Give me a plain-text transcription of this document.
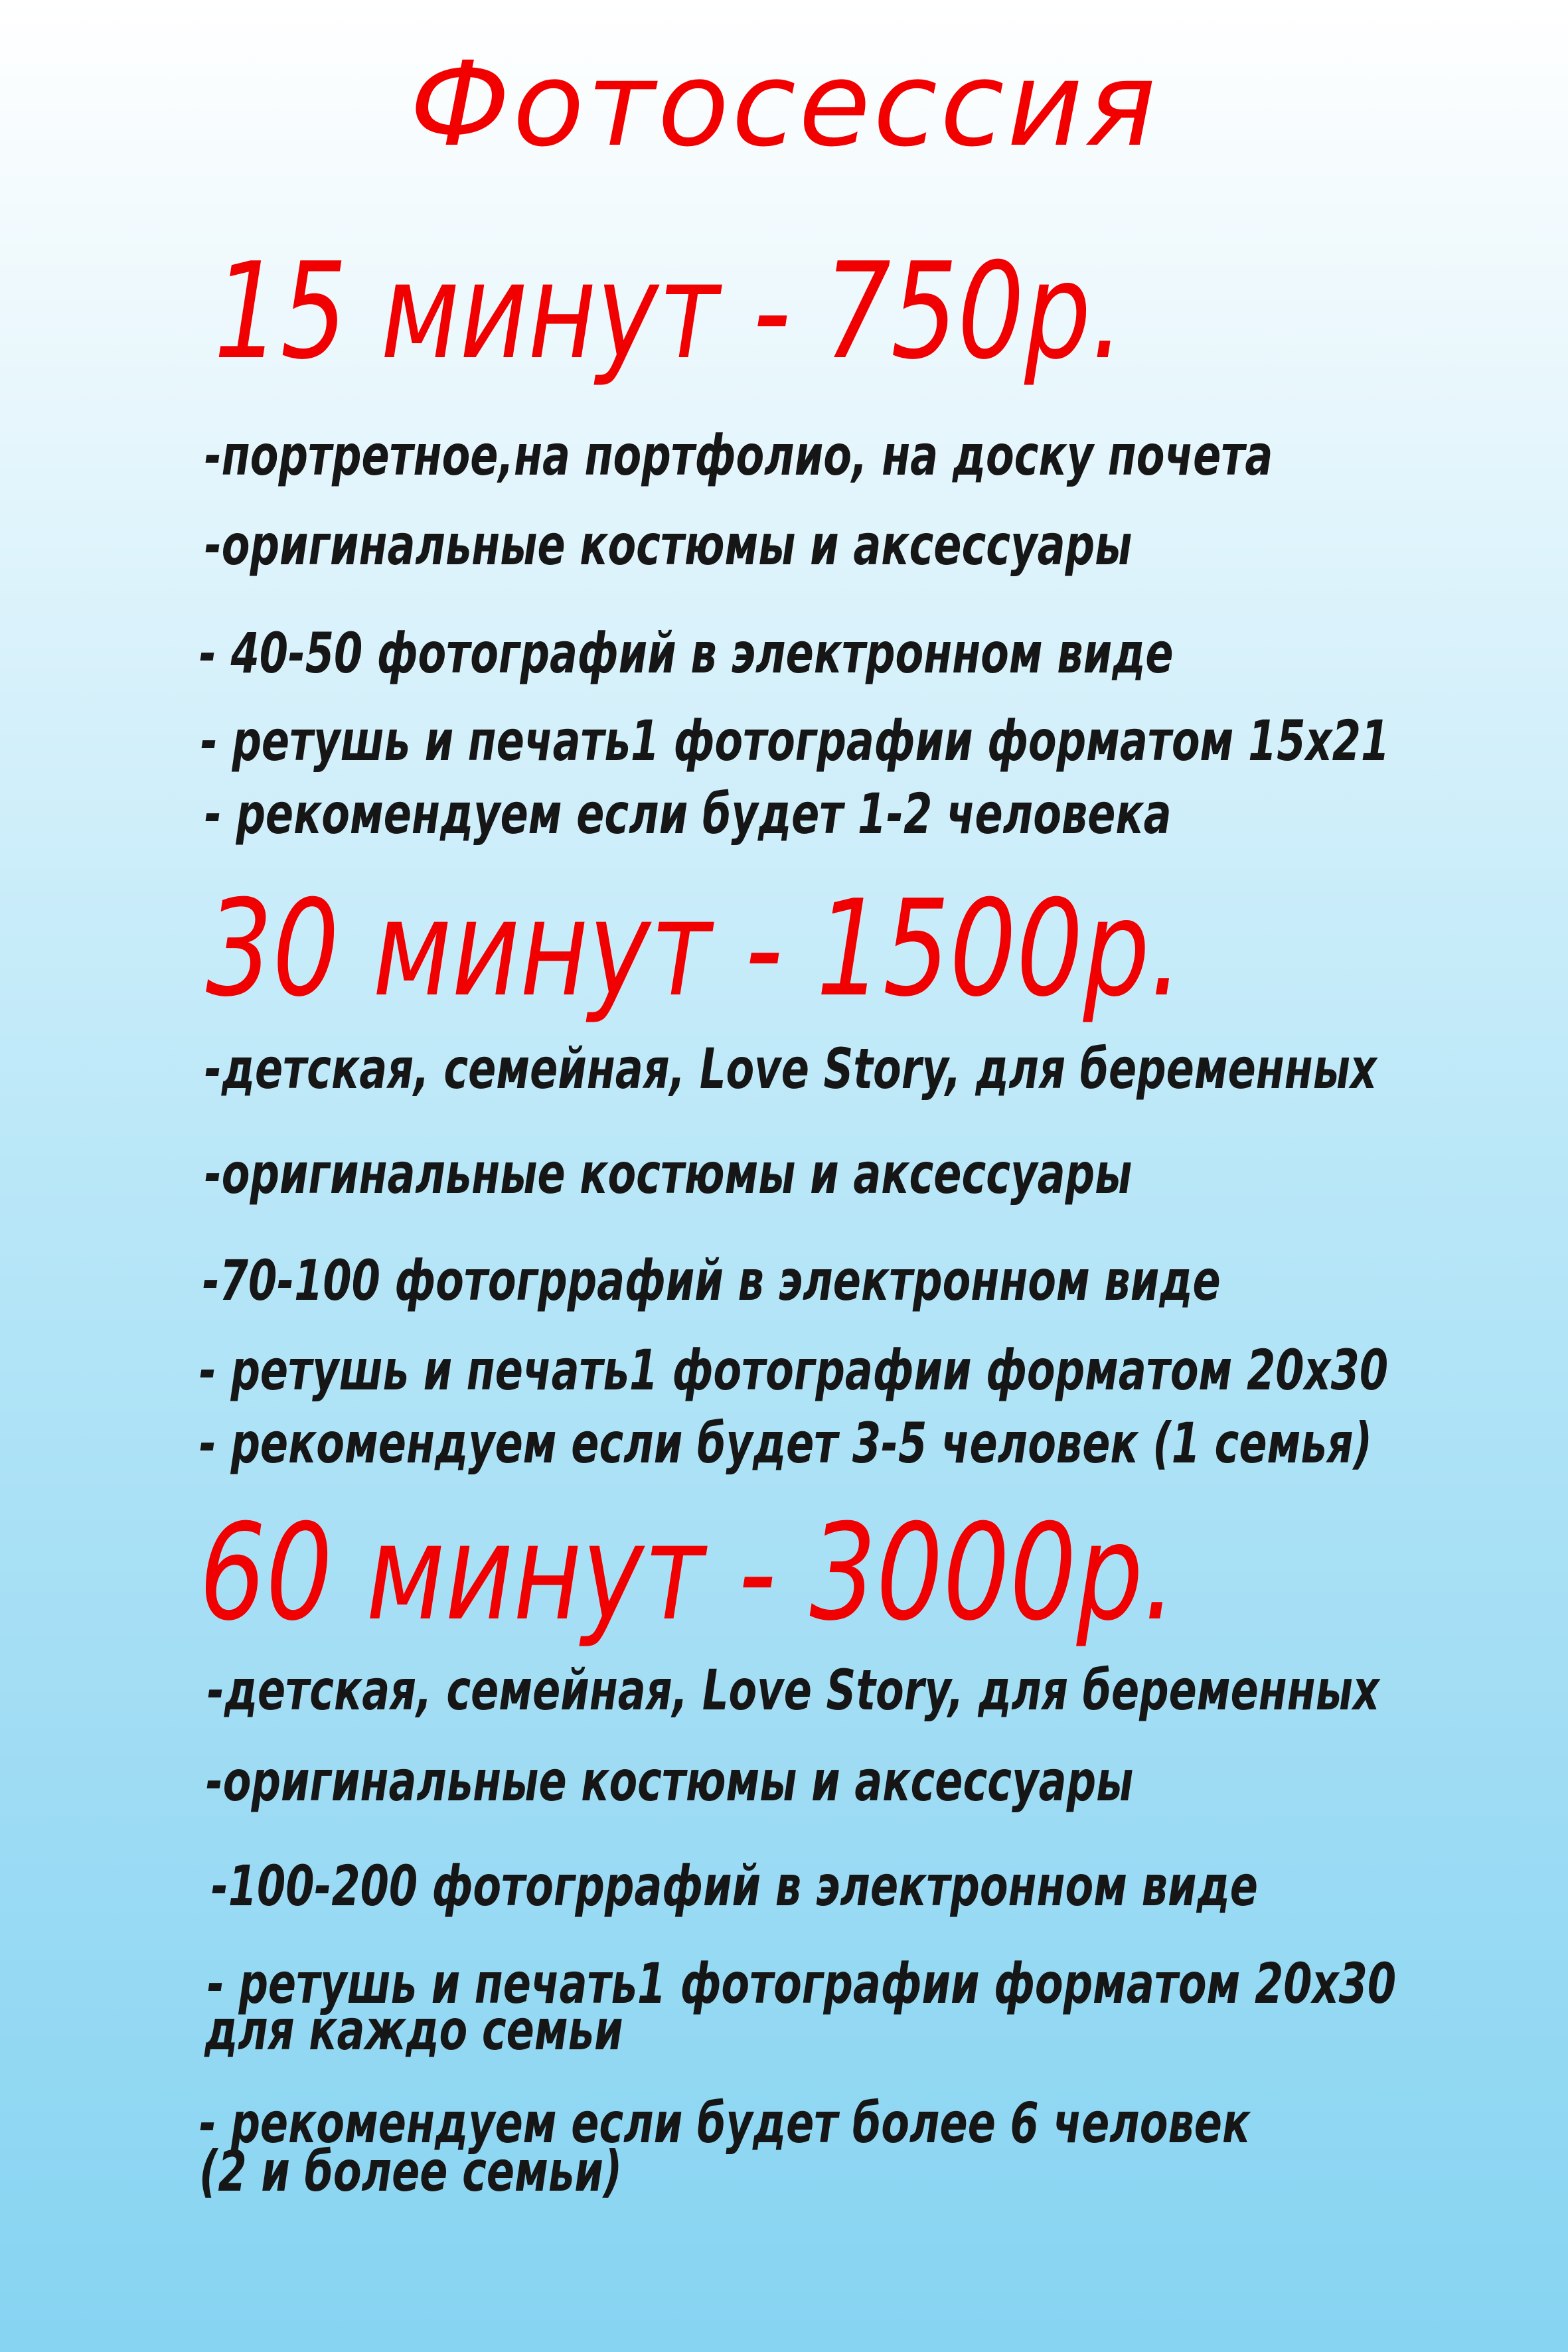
Фотосессия
15 минут - 750р.
-портретное,на портфолио, на доску почета
-оригинальные костюмы и аксессуары
- 40-50 фотографий в электронном виде
- ретушь и печать1 фотографии форматом 15х21
- рекомендуем если будет 1-2 человека
30 минут - 1500р.
-детская, семейная, Love Story, для беременных
-оригинальные костюмы и аксессуары
-70-100 фотогррафий в электронном виде
- ретушь и печать1 фотографии форматом 20х30
- рекомендуем если будет 3-5 человек (1 семья)
60 минут - 3000р.
-детская, семейная, Love Story, для беременных
-оригинальные костюмы и аксессуары
-100-200 фотогррафий в электронном виде
- ретушь и печать1 фотографии форматом 20х30
для каждо семьи
- рекомендуем если будет более 6 человек
(2 и более семьи)
